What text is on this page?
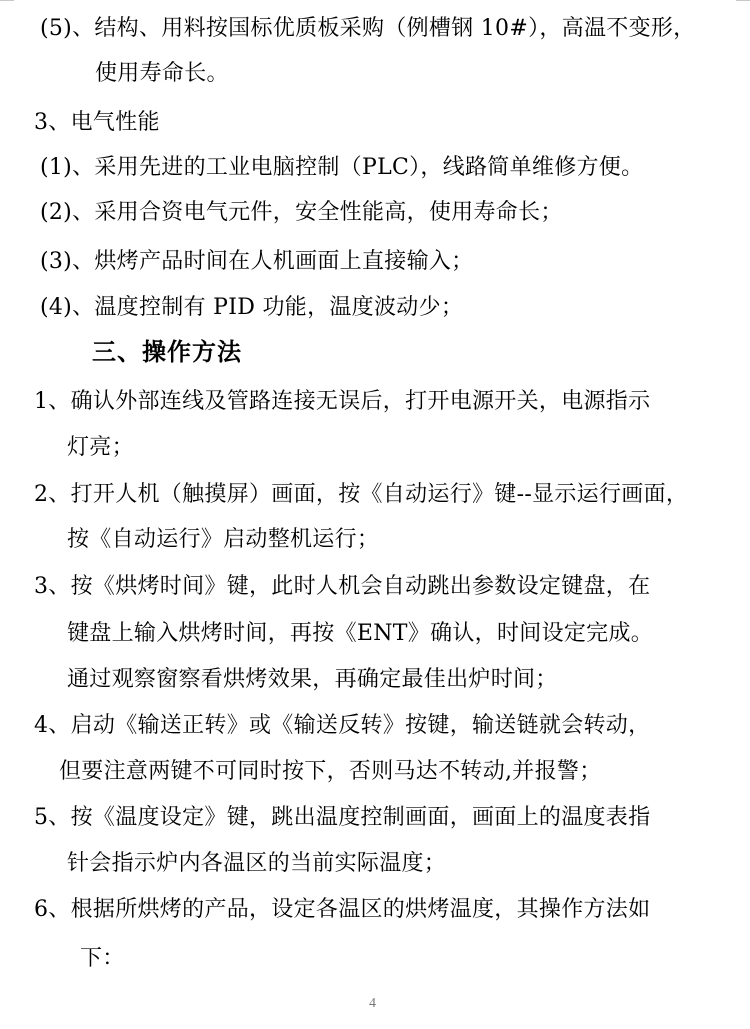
(5)、结构、用料按国标优质板采购（例槽钢 10#），高温不变形，
使用寿命长。
3、电气性能
(1)、采用先进的工业电脑控制（PLC），线路简单维修方便。
(2)、采用合资电气元件，安全性能高，使用寿命长；
(3)、烘烤产品时间在人机画面上直接输入；
(4)、温度控制有 PID 功能，温度波动少；
三、操作方法
1、确认外部连线及管路连接无误后，打开电源开关，电源指示
灯亮；
2、打开人机（触摸屏）画面，按《自动运行》键--显示运行画面，
按《自动运行》启动整机运行；
3、按《烘烤时间》键，此时人机会自动跳出参数设定键盘，在
键盘上输入烘烤时间，再按《ENT》确认，时间设定完成。
通过观察窗察看烘烤效果，再确定最佳出炉时间；
4、启动《输送正转》或《输送反转》按键，输送链就会转动，
但要注意两键不可同时按下，否则马达不转动,并报警；
5、按《温度设定》键，跳出温度控制画面，画面上的温度表指
针会指示炉内各温区的当前实际温度；
6、根据所烘烤的产品，设定各温区的烘烤温度，其操作方法如
下：
4
